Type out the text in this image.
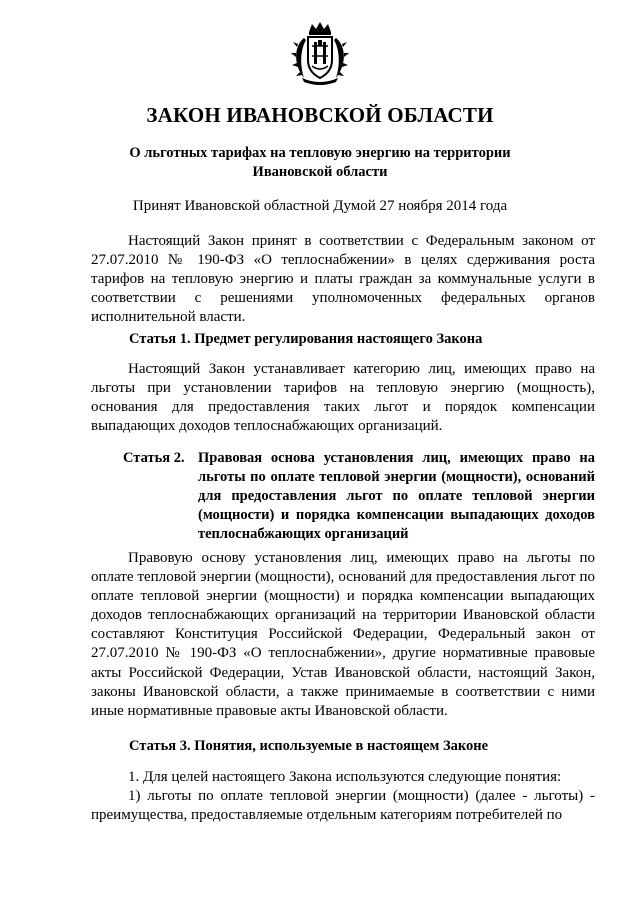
ЗАКОН ИВАНОВСКОЙ ОБЛАСТИ

О льготных тарифах на тепловую энергию на территории Ивановской области

Принят Ивановской областной Думой 27 ноября 2014 года

Настоящий Закон принят в соответствии с Федеральным законом от 27.07.2010 № 190-ФЗ «О теплоснабжении» в целях сдерживания роста тарифов на тепловую энергию и платы граждан за коммунальные услуги в соответствии с решениями уполномоченных федеральных органов исполнительной власти.

Статья 1. Предмет регулирования настоящего Закона

Настоящий Закон устанавливает категорию лиц, имеющих право на льготы при установлении тарифов на тепловую энергию (мощность), основания для предоставления таких льгот и порядок компенсации выпадающих доходов теплоснабжающих организаций.

Статья 2. Правовая основа установления лиц, имеющих право на льготы по оплате тепловой энергии (мощности), оснований для предоставления льгот по оплате тепловой энергии (мощности) и порядка компенсации выпадающих доходов теплоснабжающих организаций

Правовую основу установления лиц, имеющих право на льготы по оплате тепловой энергии (мощности), оснований для предоставления льгот по оплате тепловой энергии (мощности) и порядка компенсации выпадающих доходов теплоснабжающих организаций на территории Ивановской области составляют Конституция Российской Федерации, Федеральный закон от 27.07.2010 № 190-ФЗ «О теплоснабжении», другие нормативные правовые акты Российской Федерации, Устав Ивановской области, настоящий Закон, законы Ивановской области, а также принимаемые в соответствии с ними иные нормативные правовые акты Ивановской области.

Статья 3. Понятия, используемые в настоящем Законе

1. Для целей настоящего Закона используются следующие понятия:

1) льготы по оплате тепловой энергии (мощности) (далее - льготы) - преимущества, предоставляемые отдельным категориям потребителей по
